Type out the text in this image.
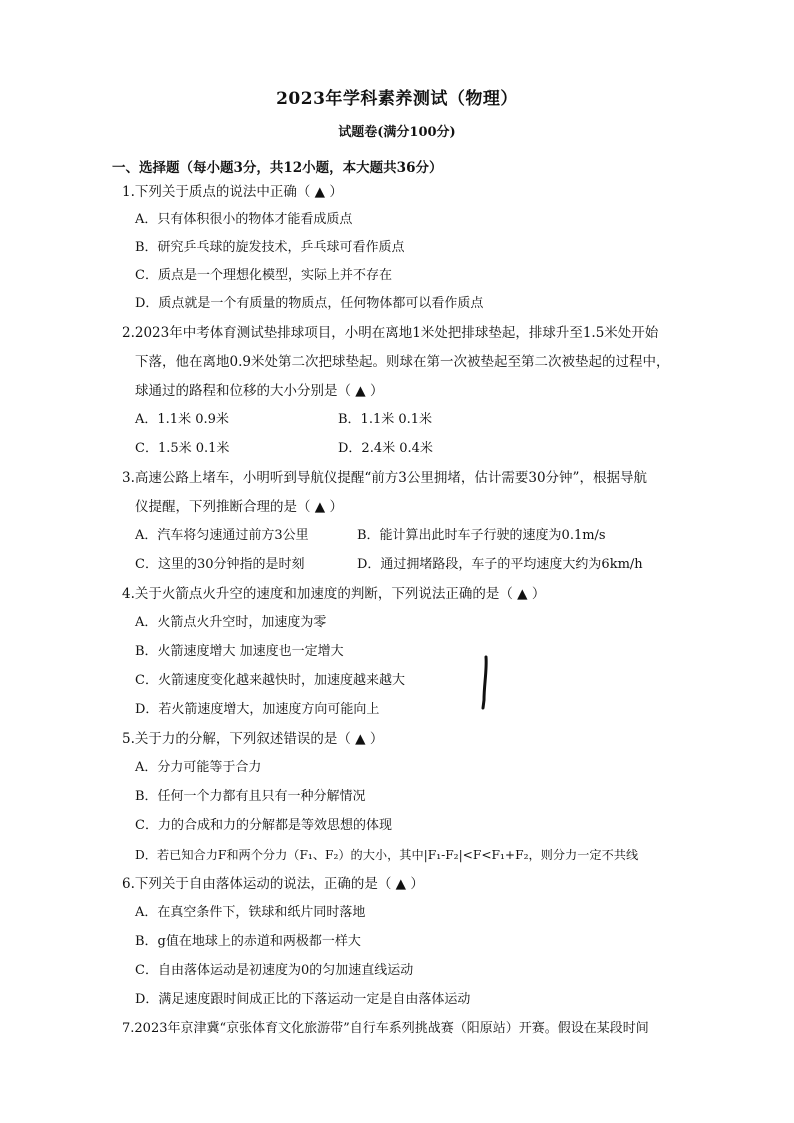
2023年学科素养测试（物理）
试题卷(满分100分)
一、选择题（每小题3分，共12小题，本大题共36分）
1.下列关于质点的说法中正确（ ▲ ）
A．只有体积很小的物体才能看成质点
B．研究乒乓球的旋发技术，乒乓球可看作质点
C．质点是一个理想化模型，实际上并不存在
D．质点就是一个有质量的物质点，任何物体都可以看作质点
2.2023年中考体育测试垫排球项目，小明在离地1米处把排球垫起，排球升至1.5米处开始
下落，他在离地0.9米处第二次把球垫起。则球在第一次被垫起至第二次被垫起的过程中，
球通过的路程和位移的大小分别是（ ▲ ）
A．1.1米 0.9米	B．1.1米 0.1米
C．1.5米 0.1米	D．2.4米 0.4米
3.高速公路上堵车，小明听到导航仪提醒“前方3公里拥堵，估计需要30分钟”，根据导航
仪提醒，下列推断合理的是（ ▲ ）
A．汽车将匀速通过前方3公里	B．能计算出此时车子行驶的速度为0.1m/s
C．这里的30分钟指的是时刻	D．通过拥堵路段，车子的平均速度大约为6km/h
4.关于火箭点火升空的速度和加速度的判断，下列说法正确的是（ ▲ ）
A．火箭点火升空时，加速度为零
B．火箭速度增大 加速度也一定增大
C．火箭速度变化越来越快时，加速度越来越大
D．若火箭速度增大，加速度方向可能向上
5.关于力的分解，下列叙述错误的是（ ▲ ）
A．分力可能等于合力
B．任何一个力都有且只有一种分解情况
C．力的合成和力的分解都是等效思想的体现
D．若已知合力F和两个分力（F₁、F₂）的大小，其中|F₁-F₂|<F<F₁+F₂，则分力一定不共线
6.下列关于自由落体运动的说法，正确的是（ ▲ ）
A．在真空条件下，铁球和纸片同时落地
B．g值在地球上的赤道和两极都一样大
C．自由落体运动是初速度为0的匀加速直线运动
D．满足速度跟时间成正比的下落运动一定是自由落体运动
7.2023年京津冀“京张体育文化旅游带”自行车系列挑战赛（阳原站）开赛。假设在某段时间
